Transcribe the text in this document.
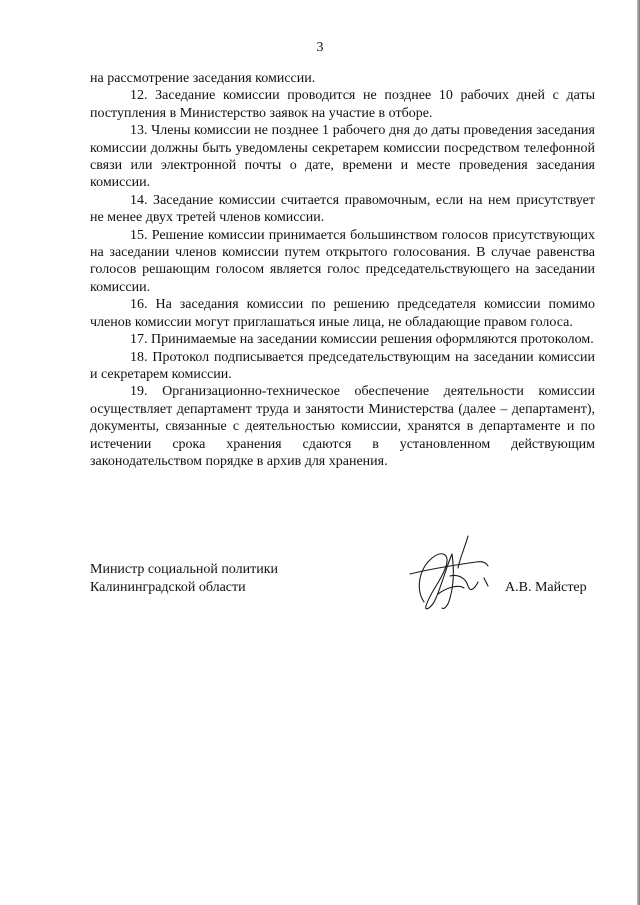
3

на рассмотрение заседания комиссии.

12. Заседание комиссии проводится не позднее 10 рабочих дней с даты поступления в Министерство заявок на участие в отборе.

13. Члены комиссии не позднее 1 рабочего дня до даты проведения заседания комиссии должны быть уведомлены секретарем комиссии посредством телефонной связи или электронной почты о дате, времени и месте проведения заседания комиссии.

14. Заседание комиссии считается правомочным, если на нем присутствует не менее двух третей членов комиссии.

15. Решение комиссии принимается большинством голосов присутствующих на заседании членов комиссии путем открытого голосования. В случае равенства голосов решающим голосом является голос председательствующего на заседании комиссии.

16. На заседания комиссии по решению председателя комиссии помимо членов комиссии могут приглашаться иные лица, не обладающие правом голоса.

17. Принимаемые на заседании комиссии решения оформляются протоколом.

18. Протокол подписывается председательствующим на заседании комиссии и секретарем комиссии.

19. Организационно-техническое обеспечение деятельности комиссии осуществляет департамент труда и занятости Министерства (далее – департамент), документы, связанные с деятельностью комиссии, хранятся в департаменте и по истечении срока хранения сдаются в установленном действующим законодательством порядке в архив для хранения.

Министр социальной политики
Калининградской области	А.В. Майстер
